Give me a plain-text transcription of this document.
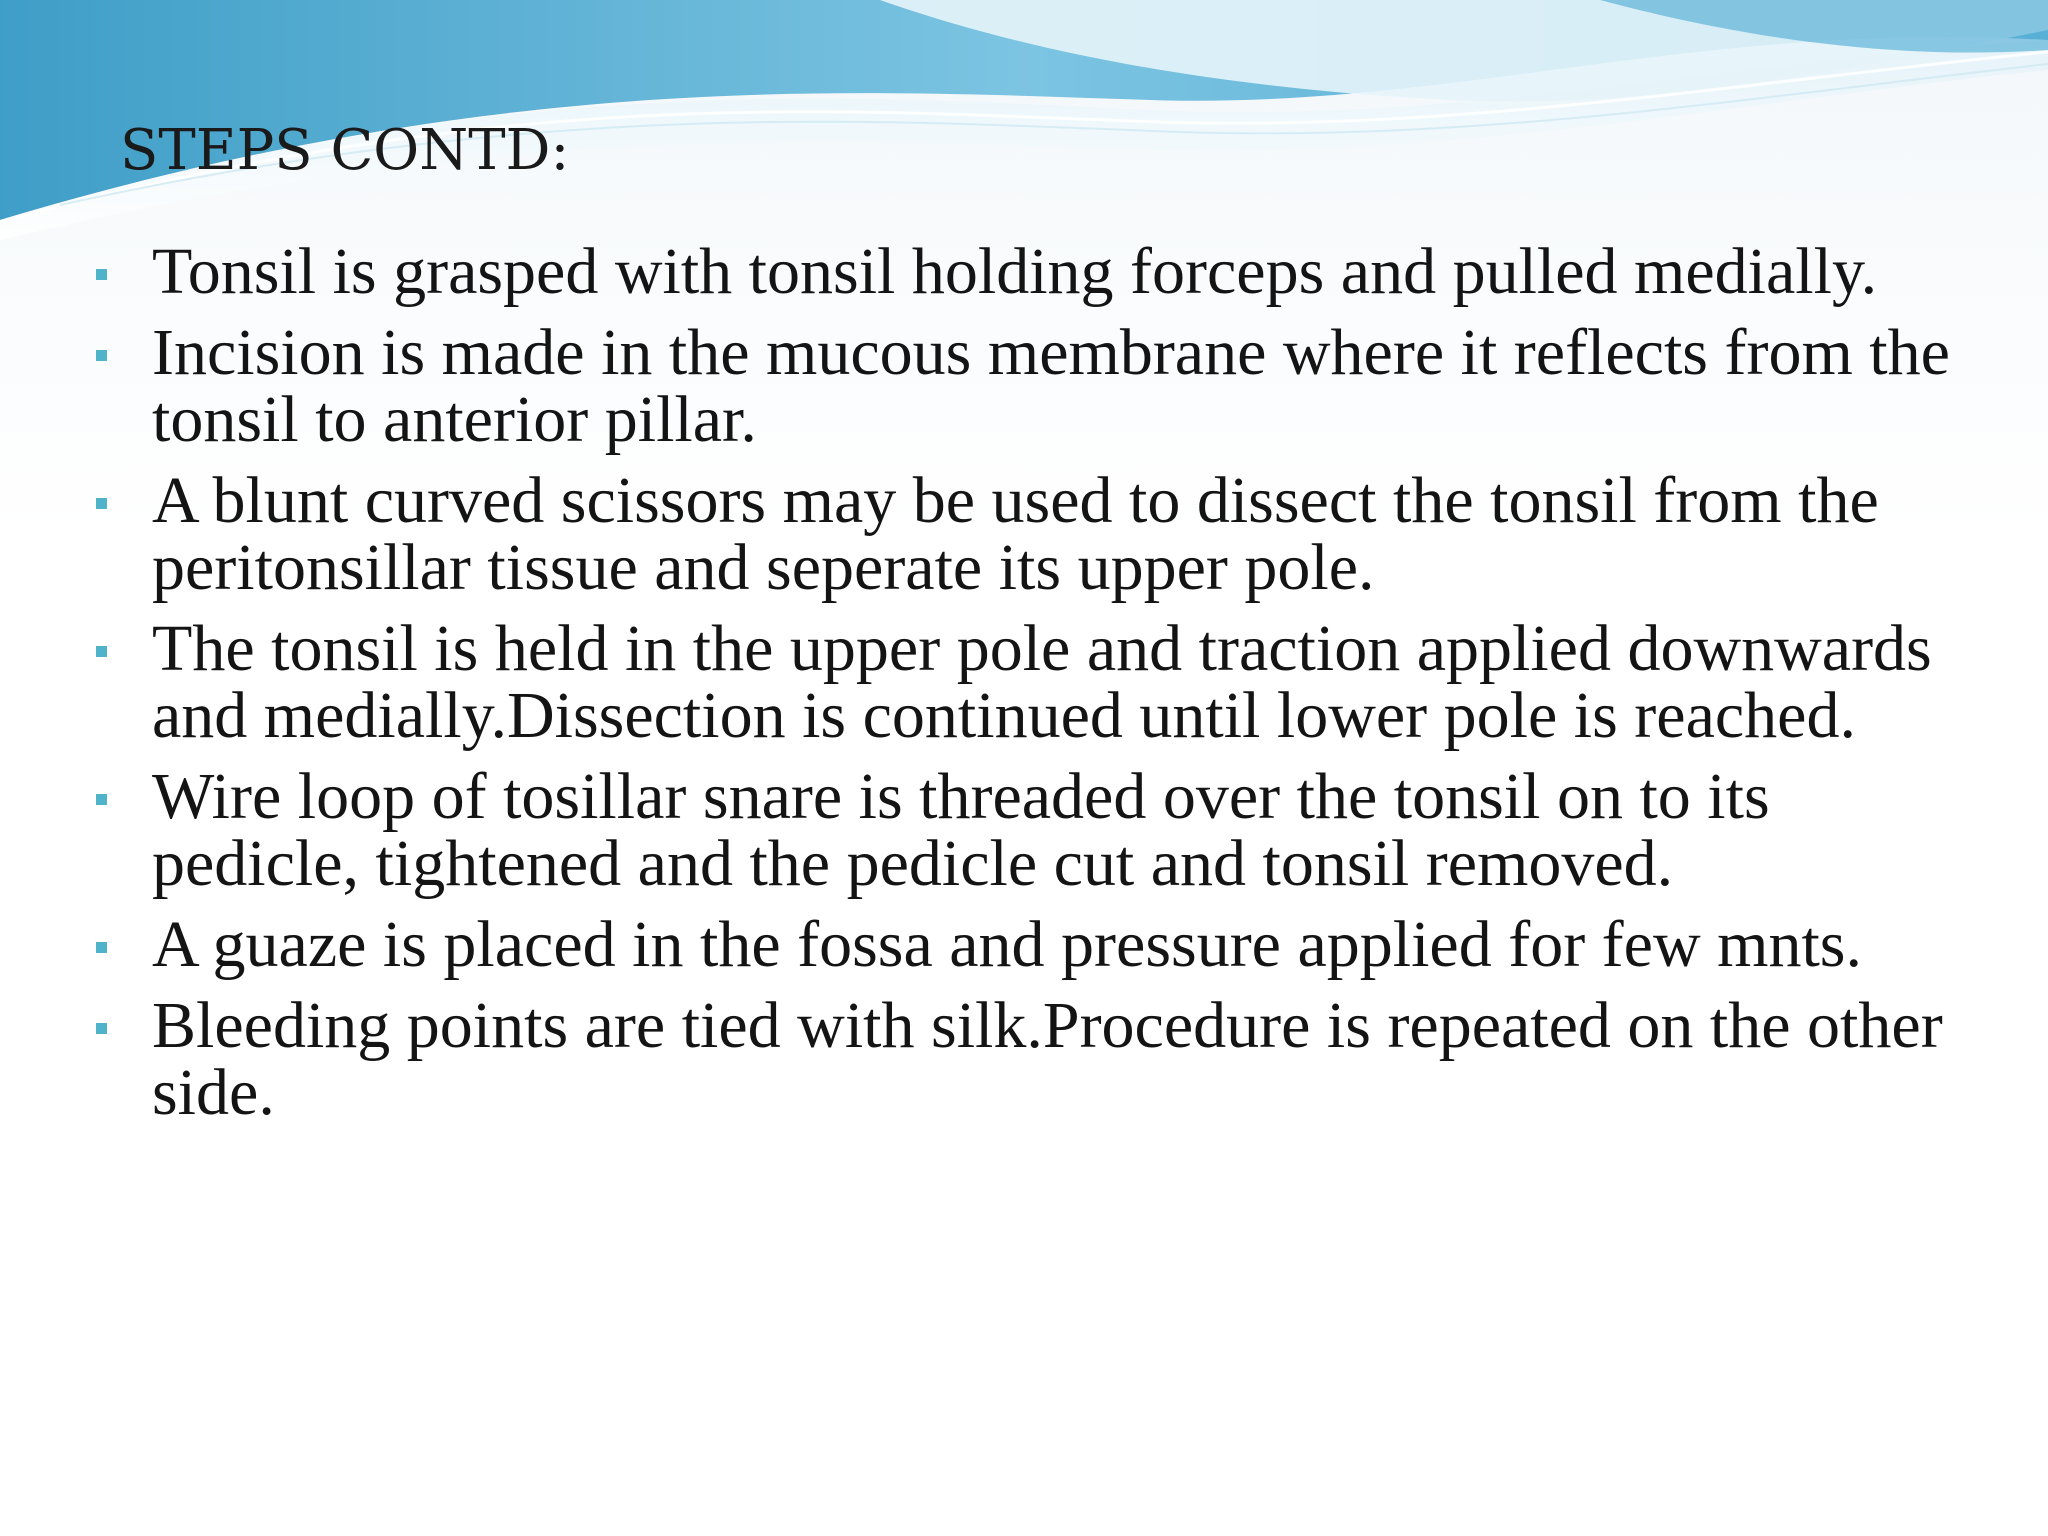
STEPS CONTD:
Tonsil is grasped with tonsil holding forceps and pulled medially.
Incision is made in the mucous membrane where it reflects from the tonsil to anterior pillar.
A blunt curved scissors may be used to dissect the tonsil from the peritonsillar tissue and seperate its upper pole.
The tonsil is held in the upper pole and traction applied downwards and medially.Dissection is continued until lower pole is reached.
Wire loop of tosillar snare is threaded over the tonsil on to its pedicle, tightened and the pedicle cut and tonsil removed.
A guaze is placed in the fossa and pressure applied for few mnts.
Bleeding points are tied with silk.Procedure is repeated on the other side.
